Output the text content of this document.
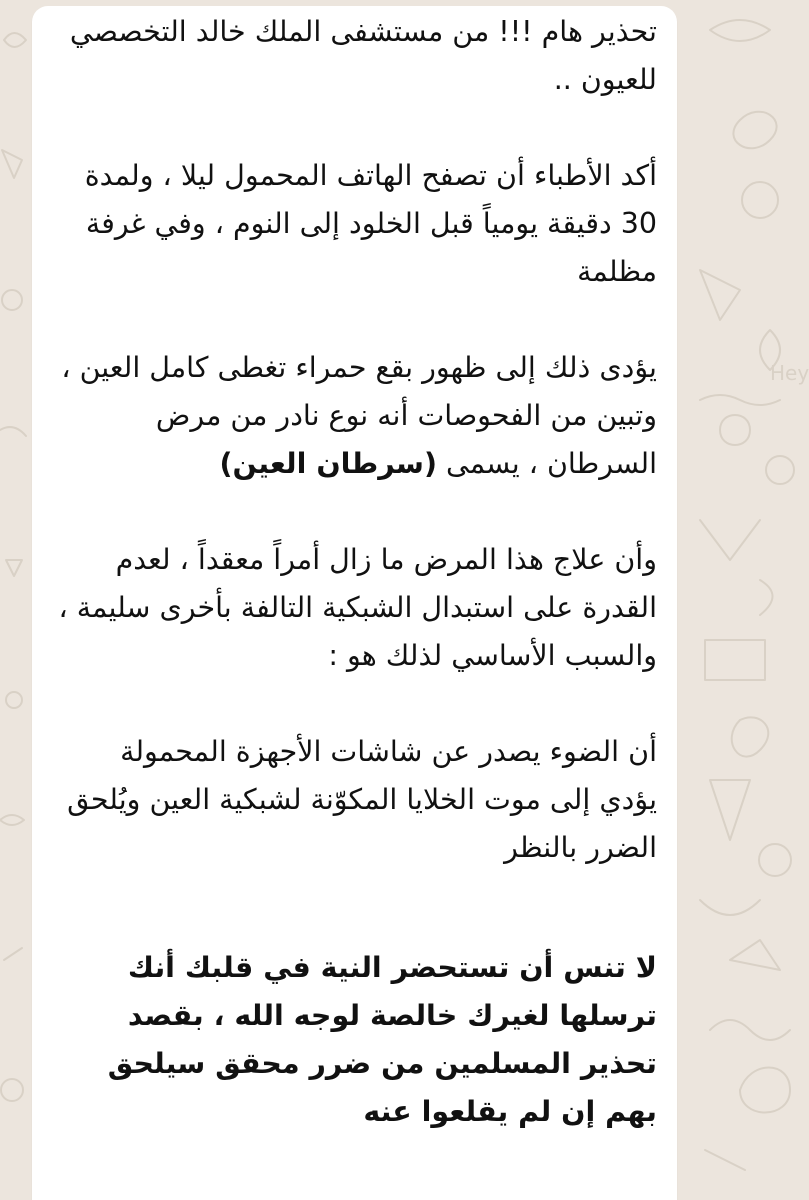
Hey

تحذير هام !!! من مستشفى الملك خالد التخصصي للعيون ..

أكد الأطباء أن تصفح الهاتف المحمول ليلا ، ولمدة 30 دقيقة يومياً قبل الخلود إلى النوم ، وفي غرفة مظلمة

يؤدى ذلك إلى ظهور بقع حمراء تغطى كامل العين ، وتبين من الفحوصات أنه نوع نادر من مرض السرطان ، يسمى (سرطان العين)

وأن علاج هذا المرض ما زال أمراً معقداً ، لعدم القدرة على استبدال الشبكية التالفة بأخرى سليمة ، والسبب الأساسي لذلك هو :

أن الضوء يصدر عن شاشات الأجهزة المحمولة يؤدي إلى موت الخلايا المكوّنة لشبكية العين ويُلحق الضرر بالنظر

لا تنس أن تستحضر النية في قلبك أنك ترسلها لغيرك خالصة لوجه الله ، بقصد تحذير المسلمين من ضرر محقق سيلحق بهم إن لم يقلعوا عنه
